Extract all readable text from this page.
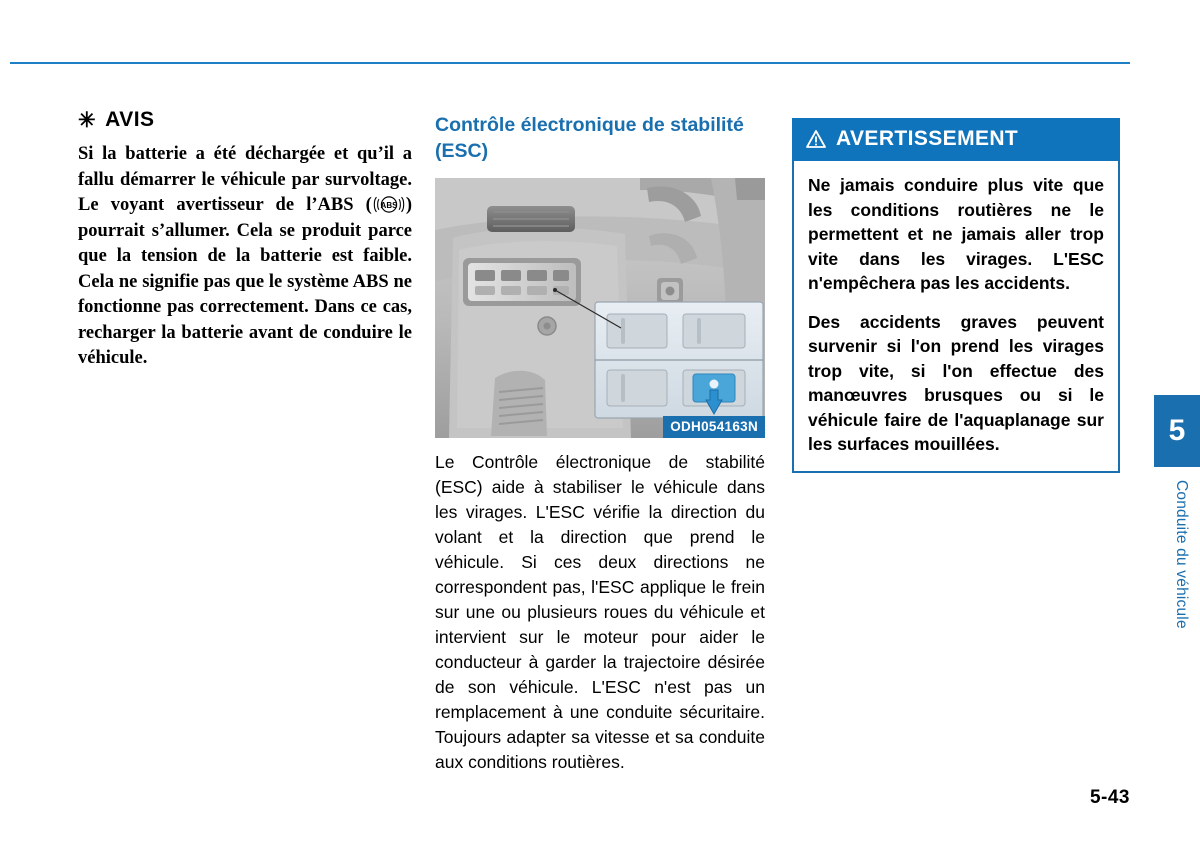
✳ AVIS

Si la batterie a été déchargée et qu’il a fallu démarrer le véhicule par survoltage. Le voyant avertisseur de l’ABS ( ABS ) pourrait s’allumer. Cela se produit parce que la tension de la batterie est faible. Cela ne signifie pas que le système ABS ne fonctionne pas correctement. Dans ce cas, recharger la batterie avant de conduire le véhicule.

Contrôle électronique de stabilité (ESC)
ODH054163N

Le Contrôle électronique de stabilité (ESC) aide à stabiliser le véhicule dans les virages. L'ESC vérifie la direction du volant et la direction que prend le véhicule. Si ces deux directions ne correspondent pas, l'ESC applique le frein sur une ou plusieurs roues du véhicule et intervient sur le moteur pour aider le conducteur à garder la trajectoire désirée de son véhicule. L'ESC n'est pas un remplacement à une conduite sécuritaire. Toujours adapter sa vitesse et sa conduite aux conditions routières.

AVERTISSEMENT

Ne jamais conduire plus vite que les conditions routières ne le permettent et ne jamais aller trop vite dans les virages. L'ESC n'empêchera pas les accidents.

Des accidents graves peuvent survenir si l'on prend les virages trop vite, si l'on effectue des manœuvres brusques ou si le véhicule faire de l'aquaplanage sur les surfaces mouillées.	5
Conduite du véhicule
5-43
